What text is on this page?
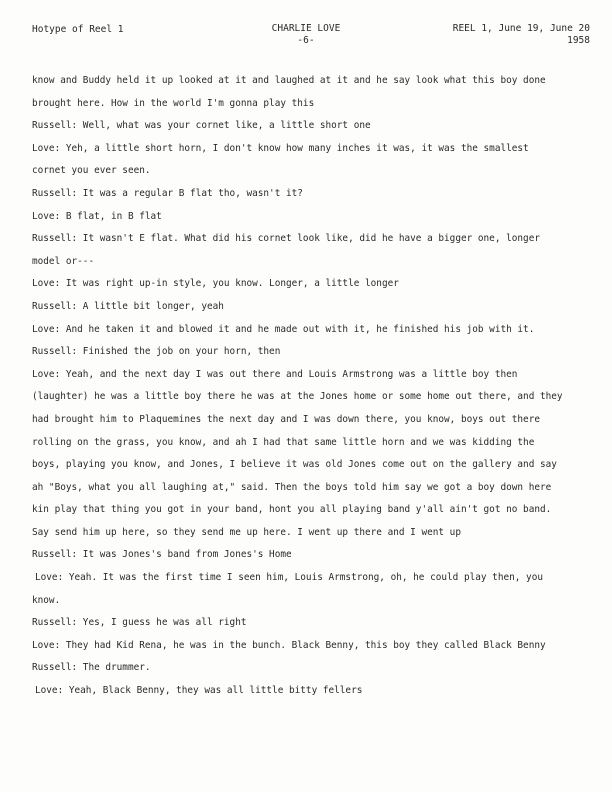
Hotype of Reel 1	CHARLIE LOVE
-6-
REEL 1, June 19, June 20
1958
know and Buddy held it up looked at it and laughed at it and he say look what this boy done
brought here. How in the world I'm gonna play this
Russell: Well, what was your cornet like, a little short one
Love: Yeh, a little short horn, I don't know how many inches it was, it was the smallest
cornet you ever seen.
Russell: It was a regular B flat tho, wasn't it?
Love: B flat, in B flat
Russell: It wasn't E flat. What did his cornet look like, did he have a bigger one, longer
model or---
Love: It was right up-in style, you know. Longer, a little longer
Russell: A little bit longer, yeah
Love: And he taken it and blowed it and he made out with it, he finished his job with it.
Russell: Finished the job on your horn, then
Love: Yeah, and the next day I was out there and Louis Armstrong was a little boy then
(laughter) he was a little boy there he was at the Jones home or some home out there, and they
had brought him to Plaquemines the next day and I was down there, you know, boys out there
rolling on the grass, you know, and ah I had that same little horn and we was kidding the
boys, playing you know, and Jones, I believe it was old Jones come out on the gallery and say
ah "Boys, what you all laughing at," said. Then the boys told him say we got a boy down here
kin play that thing you got in your band, hont you all playing band y'all ain't got no band.
Say send him up here, so they send me up here. I went up there and I went up
Russell: It was Jones's band from Jones's Home
Love: Yeah. It was the first time I seen him, Louis Armstrong, oh, he could play then, you
know.
Russell: Yes, I guess he was all right
Love: They had Kid Rena, he was in the bunch. Black Benny, this boy they called Black Benny
Russell: The drummer.
Love: Yeah, Black Benny, they was all little bitty fellers
